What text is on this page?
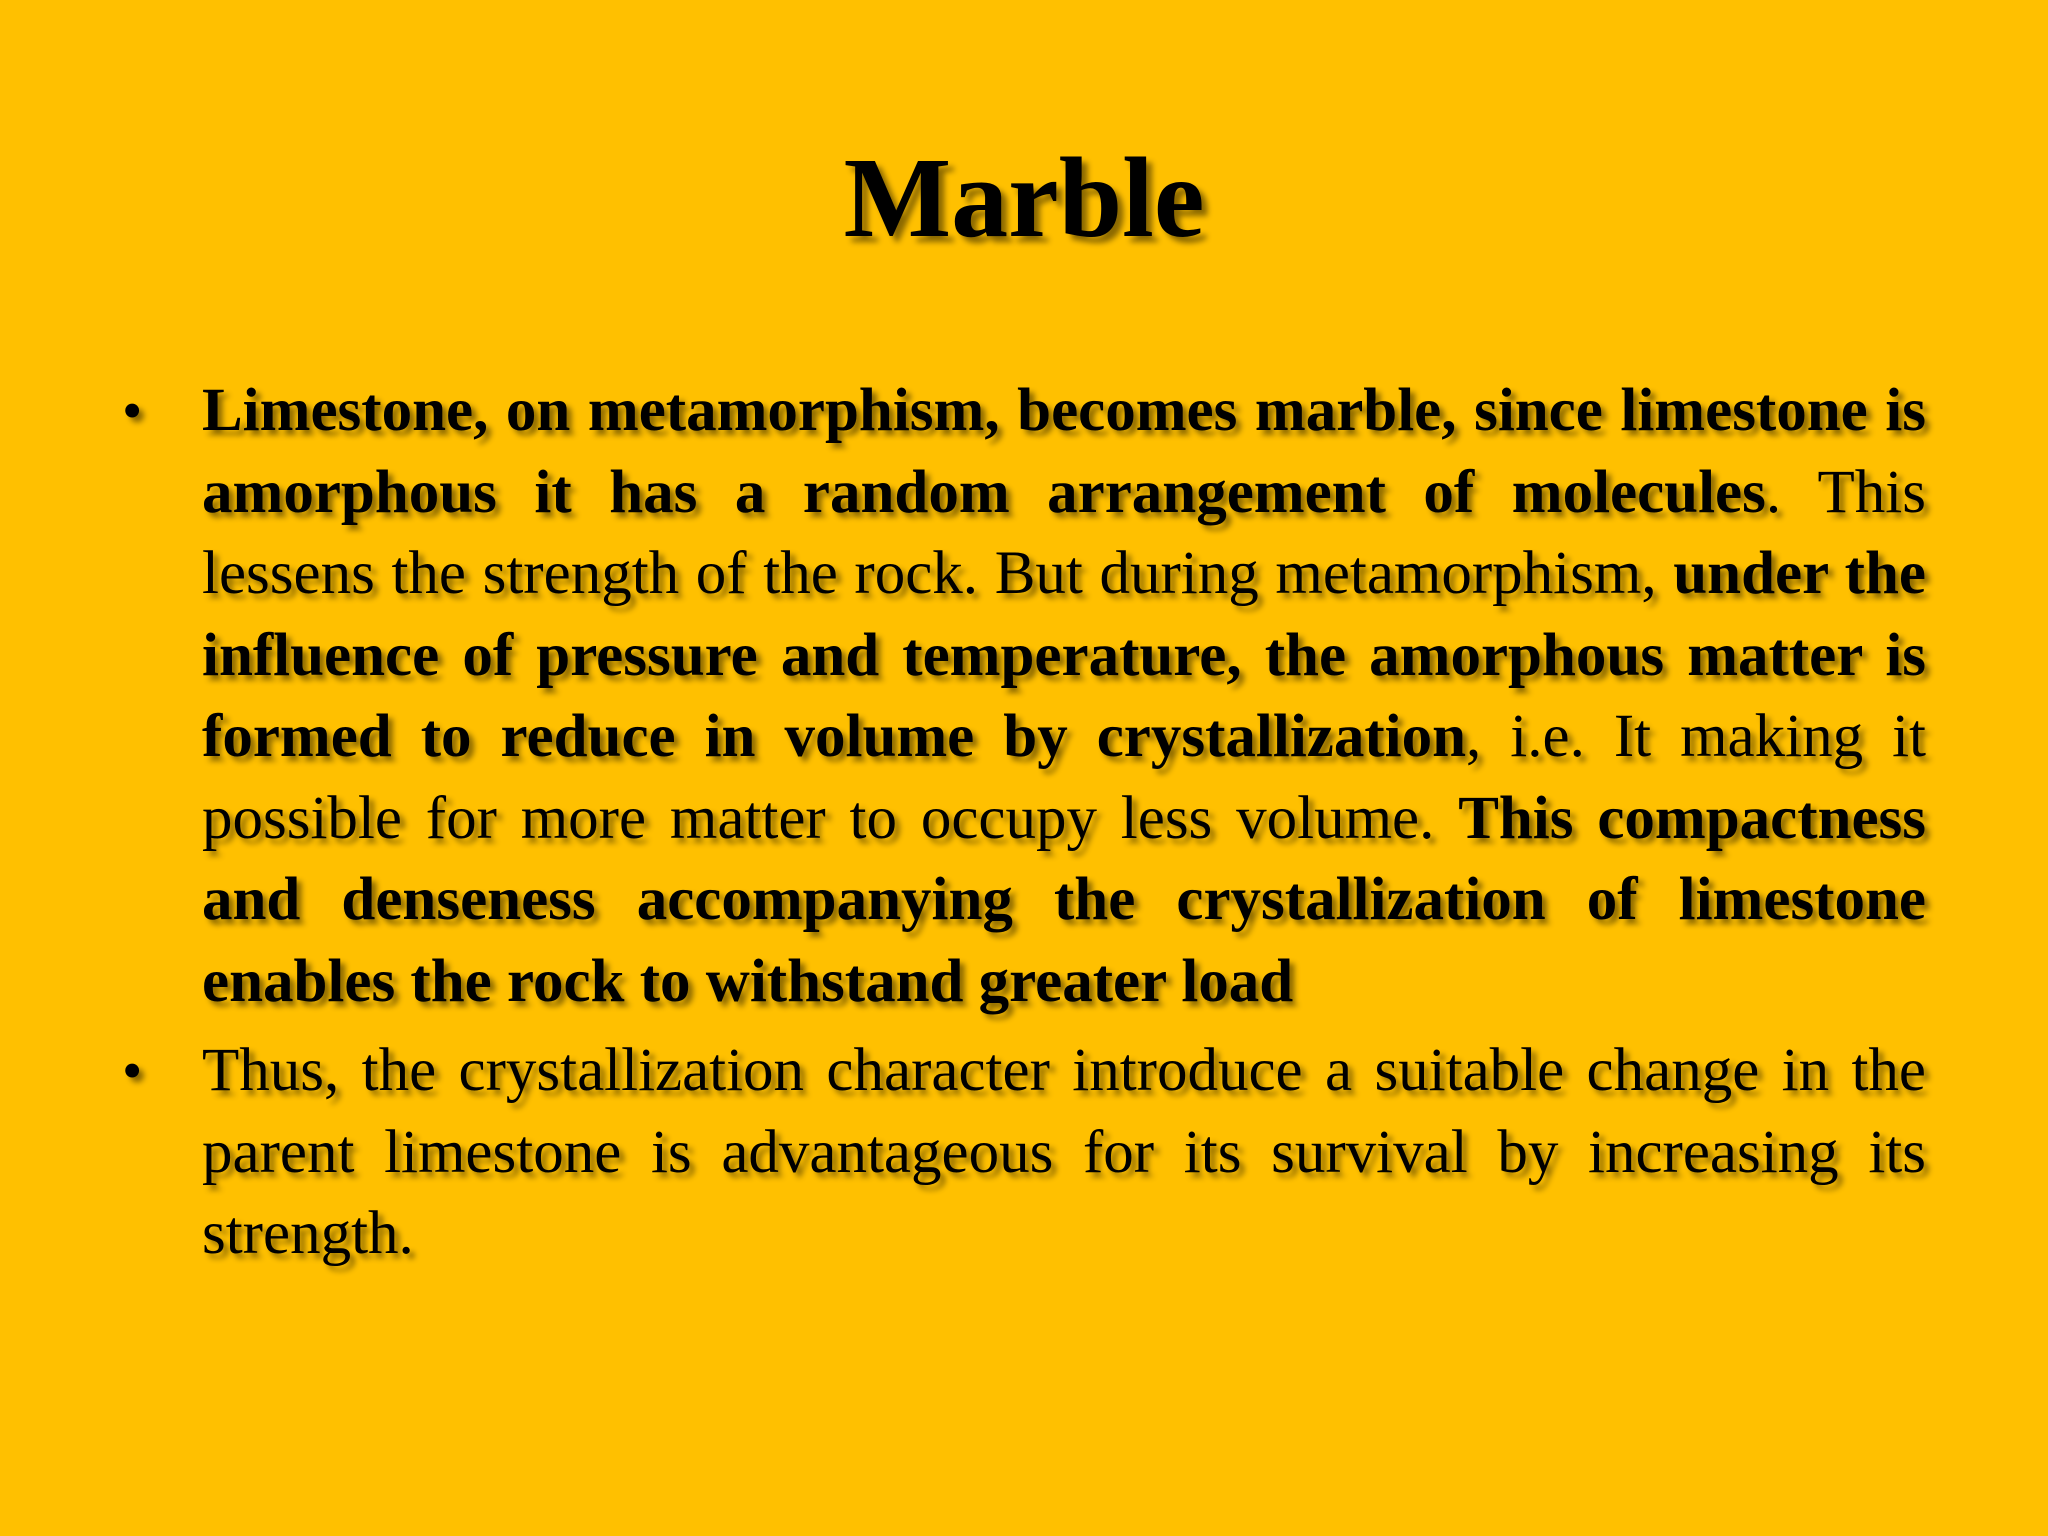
Marble
• Limestone, on metamorphism, becomes marble, since limestone is amorphous it has a random arrangement of molecules. This lessens the strength of the rock. But during metamorphism, under the influence of pressure and temperature, the amorphous matter is formed to reduce in volume by crystallization, i.e. It making it possible for more matter to occupy less volume. This compactness and denseness accompanying the crystallization of limestone enables the rock to withstand greater load
• Thus, the crystallization character introduce a suitable change in the parent limestone is advantageous for its survival by increasing its strength.
